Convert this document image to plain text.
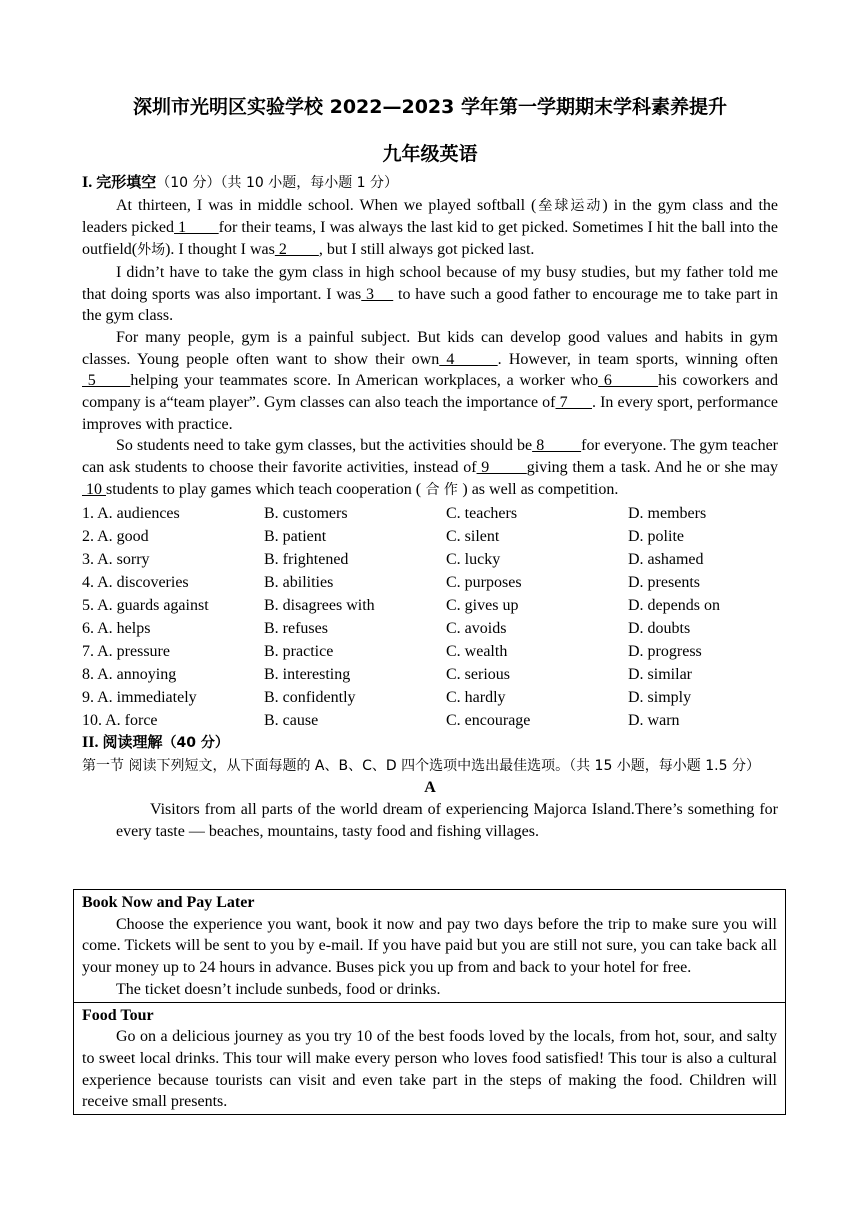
深圳市光明区实验学校 2022—2023 学年第一学期期末学科素养提升
九年级英语
I. 完形填空（10 分）（共 10 小题，每小题 1 分）

At thirteen, I was in middle school. When we played softball (垒球运动) in the gym class and the leaders picked 1        for their teams, I was always the last kid to get picked. Sometimes I hit the ball into the outfield(外场). I thought I was 2        , but I still always got picked last.

I didn’t have to take the gym class in high school because of my busy studies, but my father told me that doing sports was also important. I was 3     to have such a good father to encourage me to take part in the gym class.

For many people, gym is a painful subject. But kids can develop good values and habits in gym classes. Young people often want to show their own 4      . However, in team sports, winning often 5      helping your teammates score. In American workplaces, a worker who 6        his coworkers and company is a“team player”. Gym classes can also teach the importance of 7      . In every sport, performance improves with practice.

So students need to take gym classes, but the activities should be 8         for everyone. The gym teacher can ask students to choose their favorite activities, instead of 9        giving them a task. And he or she may 10 students to play games which teach cooperation ( 合 作 ) as well as competition.

1. A. audiences	B. customers	C. teachers	D. members
2. A. good	B. patient	C. silent	D. polite
3. A. sorry	B. frightened	C. lucky	D. ashamed
4. A. discoveries	B. abilities	C. purposes	D. presents
5. A. guards against	B. disagrees with	C. gives up	D. depends on
6. A. helps	B. refuses	C. avoids	D. doubts
7. A. pressure	B. practice	C. wealth	D. progress
8. A. annoying	B. interesting	C. serious	D. similar
9. A. immediately	B. confidently	C. hardly	D. simply
10. A. force	B. cause	C. encourage	D. warn
II. 阅读理解（40 分）
第一节 阅读下列短文，从下面每题的 A、B、C、D 四个选项中选出最佳选项。（共 15 小题，每小题 1.5 分）
A

Visitors from all parts of the world dream of experiencing Majorca Island.There’s something for every taste — beaches, mountains, tasty food and fishing villages.

Book Now and Pay Later

Choose the experience you want, book it now and pay two days before the trip to make sure you will come. Tickets will be sent to you by e-mail. If you have paid but you are still not sure, you can take back all your money up to 24 hours in advance. Buses pick you up from and back to your hotel for free.

The ticket doesn’t include sunbeds, food or drinks.

Food Tour

Go on a delicious journey as you try 10 of the best foods loved by the locals, from hot, sour, and salty to sweet local drinks. This tour will make every person who loves food satisfied! This tour is also a cultural experience because tourists can visit and even take part in the steps of making the food. Children will receive small presents.
